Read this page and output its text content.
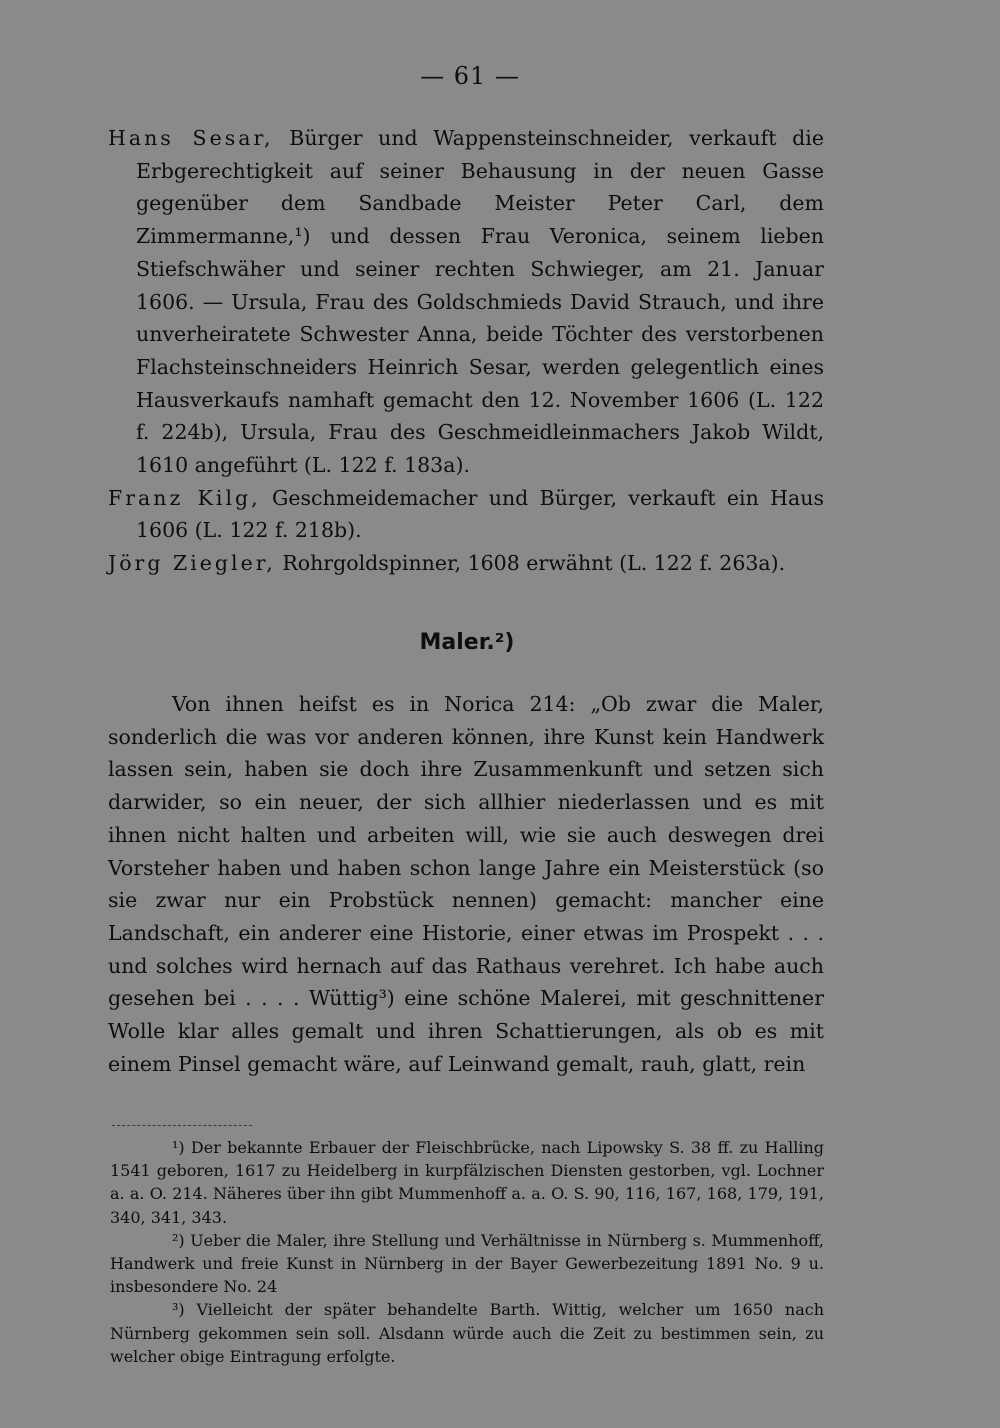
— 61 —

Hans Sesar, Bürger und Wappensteinschneider, verkauft die Erbgerechtigkeit auf seiner Behausung in der neuen Gasse gegenüber dem Sandbade Meister Peter Carl, dem Zimmermanne,¹) und dessen Frau Veronica, seinem lieben Stiefschwäher und seiner rechten Schwieger, am 21. Januar 1606. — Ursula, Frau des Goldschmieds David Strauch, und ihre unverheiratete Schwester Anna, beide Töchter des verstorbenen Flachsteinschneiders Heinrich Sesar, werden gelegentlich eines Hausverkaufs namhaft gemacht den 12. November 1606 (L. 122 f. 224b), Ursula, Frau des Geschmeidleinmachers Jakob Wildt, 1610 angeführt (L. 122 f. 183a).

Franz Kilg, Geschmeidemacher und Bürger, verkauft ein Haus 1606 (L. 122 f. 218b).

Jörg Ziegler, Rohrgoldspinner, 1608 erwähnt (L. 122 f. 263a).

Maler.²)

Von ihnen heifst es in Norica 214: „Ob zwar die Maler, sonderlich die was vor anderen können, ihre Kunst kein Handwerk lassen sein, haben sie doch ihre Zusammenkunft und setzen sich darwider, so ein neuer, der sich allhier niederlassen und es mit ihnen nicht halten und arbeiten will, wie sie auch deswegen drei Vorsteher haben und haben schon lange Jahre ein Meisterstück (so sie zwar nur ein Probstück nennen) gemacht: mancher eine Landschaft, ein anderer eine Historie, einer etwas im Prospekt . . . und solches wird hernach auf das Rathaus verehret. Ich habe auch gesehen bei . . . . Wüttig³) eine schöne Malerei, mit geschnittener Wolle klar alles gemalt und ihren Schattierungen, als ob es mit einem Pinsel gemacht wäre, auf Leinwand gemalt, rauh, glatt, rein

¹) Der bekannte Erbauer der Fleischbrücke, nach Lipowsky S. 38 ff. zu Halling 1541 geboren, 1617 zu Heidelberg in kurpfälzischen Diensten gestorben, vgl. Lochner a. a. O. 214. Näheres über ihn gibt Mummenhoff a. a. O. S. 90, 116, 167, 168, 179, 191, 340, 341, 343.

²) Ueber die Maler, ihre Stellung und Verhältnisse in Nürnberg s. Mummenhoff, Handwerk und freie Kunst in Nürnberg in der Bayer Gewerbezeitung 1891 No. 9 u. insbesondere No. 24

³) Vielleicht der später behandelte Barth. Wittig, welcher um 1650 nach Nürnberg gekommen sein soll. Alsdann würde auch die Zeit zu bestimmen sein, zu welcher obige Eintragung erfolgte.
